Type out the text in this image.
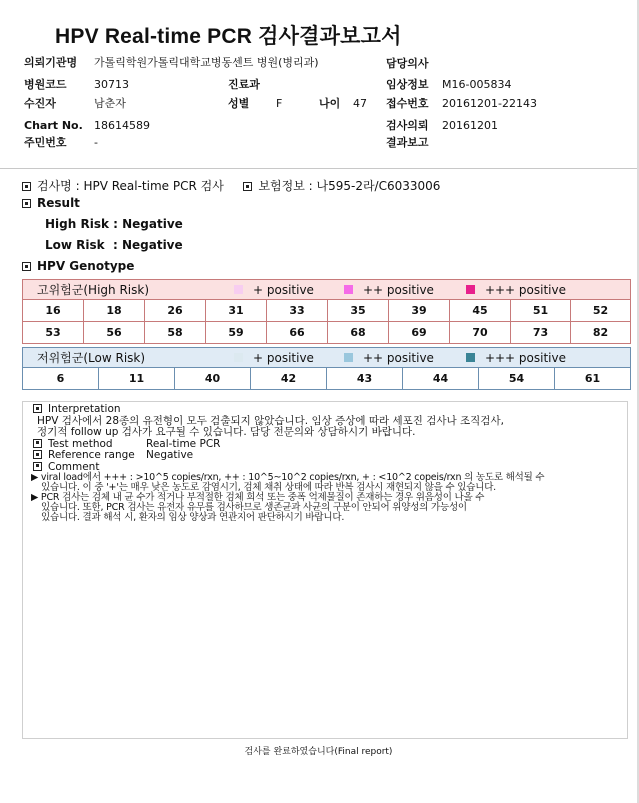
HPV Real-time PCR 검사결과보고서
의뢰기관명 가톨릭학원가톨릭대학교병동센트 병원(병리과)
병원코드 30713
수진자	남춘자
Chart No. 18614589
주민번호 -
진료과
성별 F	나이 47
담당의사
임상정보 M16-005834
접수번호 20161201-22143
검사의뢰 20161201
결과보고
검사명 : HPV Real-time PCR 검사	보험정보 : 나595-2라/C6033006
Result
High Risk : Negative
Low Risk  : Negative
HPV Genotype
고위험군(High Risk) + positive ++ positive +++ positive									

16	18	26	31	33	35	39	45	51	52
53	56	58	59	66	68	69	70	73	82
저위험군(Low Risk)	+ positive	++ positive	+++ positive

6	11	40	42	43	44	54	61
Interpretation
HPV 검사에서 28종의 유전형이 모두 검출되지 않았습니다. 임상 증상에 따라 세포진 검사나 조직검사,
정기적 follow up 검사가 요구될 수 있습니다. 담당 전문의와 상담하시기 바랍니다.
Test method	Real-time PCR
Reference range	Negative
Comment
▶ viral load에서 +++ : >10^5 copies/rxn, ++ : 10^5~10^2 copies/rxn, + : <10^2 copeis/rxn 의 농도로 해석될 수
있습니다. 이 중 '+'는 매우 낮은 농도로 감염시기, 검체 채취 상태에 따라 반복 검사시 재현되지 않을 수 있습니다.
▶ PCR 검사는 검체 내 균 수가 적거나 부적절한 검체 희석 또는 중폭 억제물질이 존재하는 경우 위음성이 나올 수
있습니다. 또한, PCR 검사는 유전자 유무를 검사하므로 생존균과 사균의 구분이 안되어 위양성의 가능성이
있습니다. 결과 해석 시, 환자의 임상 양상과 연관지어 판단하시기 바랍니다.
검사를 완료하였습니다(Final report)
